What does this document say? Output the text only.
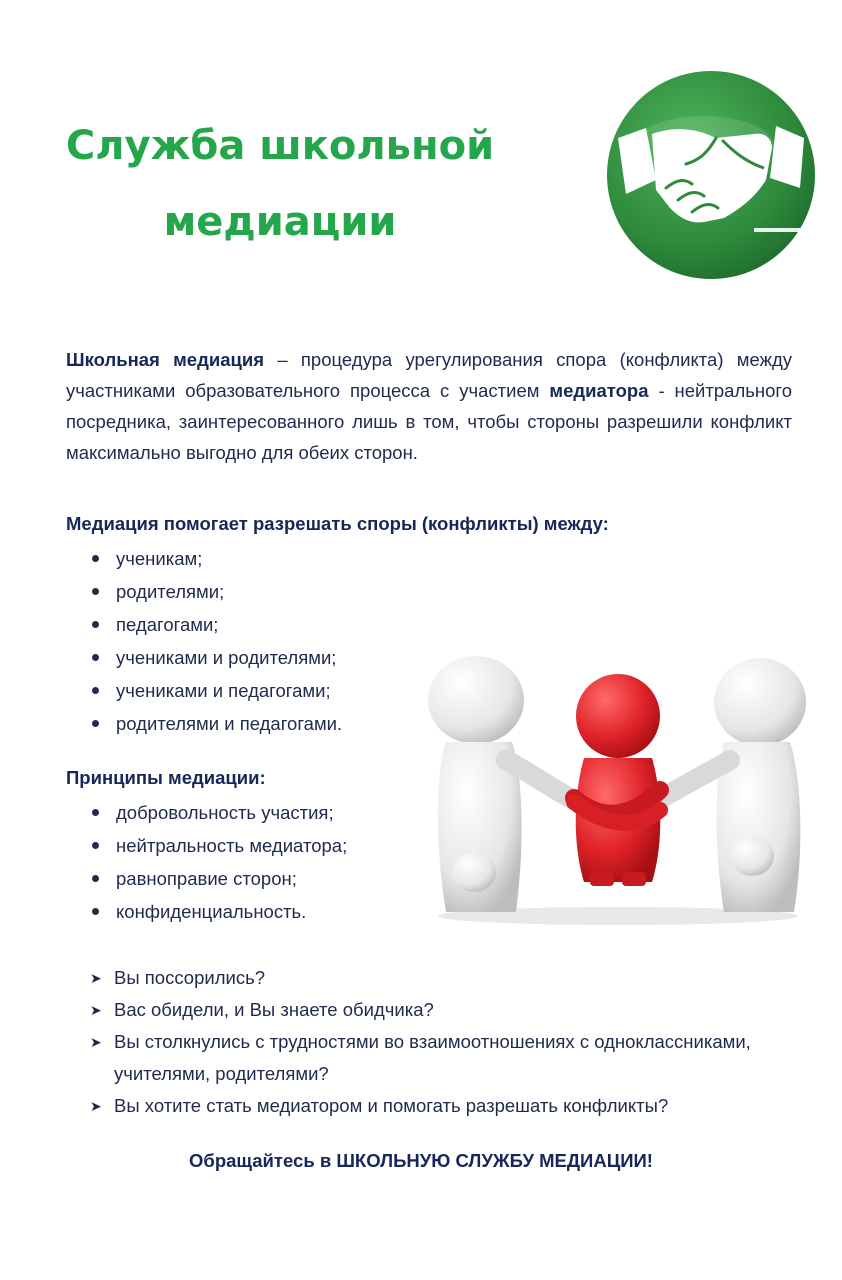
Служба школьной
медиации

Школьная медиация – процедура урегулирования спора (конфликта) между участниками образовательного процесса с участием медиатора - нейтрального посредника, заинтересованного лишь в том, чтобы стороны разрешили конфликт максимально выгодно для обеих сторон.

Медиация помогает разрешать споры (конфликты) между:

ученикам;
родителями;
педагогами;
учениками и родителями;
учениками и педагогами;
родителями и педагогами.

Принципы медиации:

добровольность участия;
нейтральность медиатора;
равноправие сторон;
конфиденциальность.
➤ Вы поссорились?
➤ Вас обидели, и Вы знаете обидчика?
➤ Вы столкнулись с трудностями во взаимоотношениях с одноклассниками, учителями, родителями?
➤ Вы хотите стать медиатором и помогать разрешать конфликты?

Обращайтесь в ШКОЛЬНУЮ СЛУЖБУ МЕДИАЦИИ!
